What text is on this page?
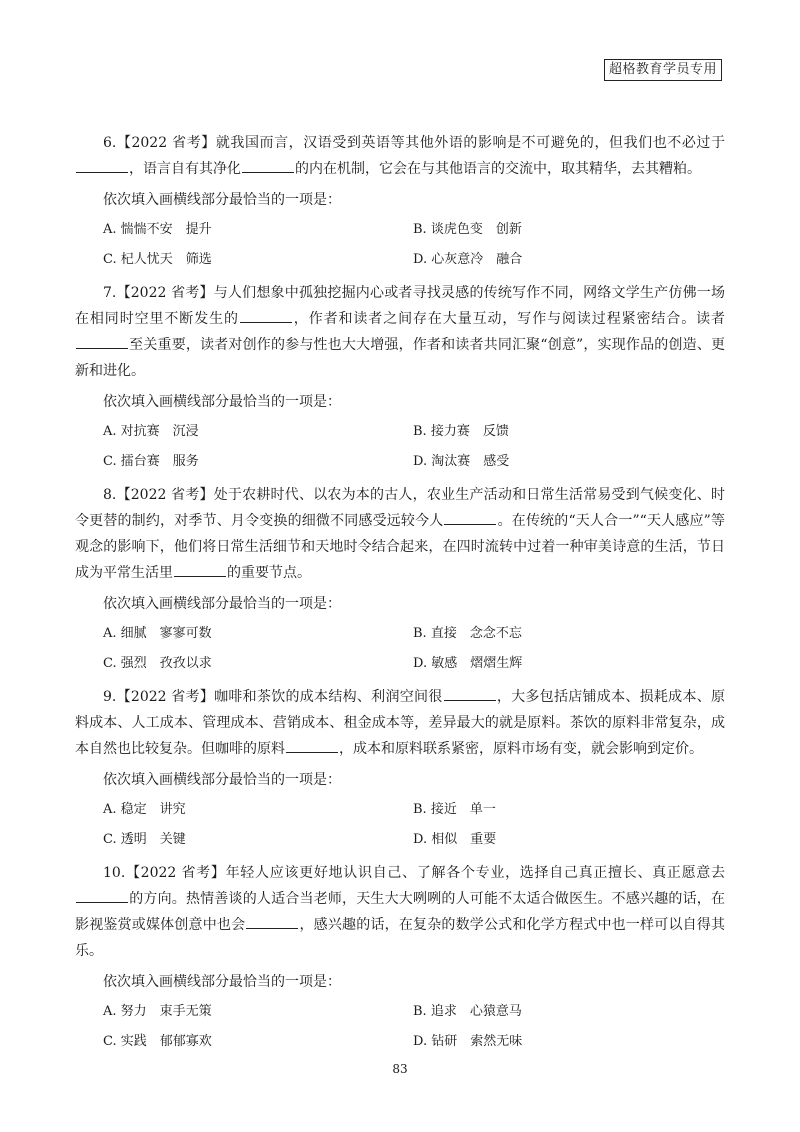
超格教育学员专用

6.【2022 省考】就我国而言，汉语受到英语等其他外语的影响是不可避免的，但我们也不必过于，语言自有其净化	的内在机制，它会在与其他语言的交流中，取其精华，去其糟粕。

依次填入画横线部分最恰当的一项是：

A. 惴惴不安　提升	B. 谈虎色变　创新
C. 杞人忧天　筛选	D. 心灰意冷　融合

7.【2022 省考】与人们想象中孤独挖掘内心或者寻找灵感的传统写作不同，网络文学生产仿佛一场在相同时空里不断发生的	，作者和读者之间存在大量互动，写作与阅读过程紧密结合。读者至关重要，读者对创作的参与性也大大增强，作者和读者共同汇聚“创意”，实现作品的创造、更新和进化。

依次填入画横线部分最恰当的一项是：

A. 对抗赛　沉浸	B. 接力赛　反馈
C. 擂台赛　服务	D. 淘汰赛　感受

8.【2022 省考】处于农耕时代、以农为本的古人，农业生产活动和日常生活常易受到气候变化、时令更替的制约，对季节、月令变换的细微不同感受远较今人	。在传统的“天人合一”“天人感应”等观念的影响下，他们将日常生活细节和天地时令结合起来，在四时流转中过着一种审美诗意的生活，节日成为平常生活里	的重要节点。

依次填入画横线部分最恰当的一项是：

A. 细腻　寥寥可数	B. 直接　念念不忘
C. 强烈　孜孜以求	D. 敏感　熠熠生辉

9.【2022 省考】咖啡和茶饮的成本结构、利润空间很	，大多包括店铺成本、损耗成本、原料成本、人工成本、管理成本、营销成本、租金成本等，差异最大的就是原料。茶饮的原料非常复杂，成本自然也比较复杂。但咖啡的原料	，成本和原料联系紧密，原料市场有变，就会影响到定价。

依次填入画横线部分最恰当的一项是：

A. 稳定　讲究	B. 接近　单一
C. 透明　关键	D. 相似　重要

10.【2022 省考】年轻人应该更好地认识自己、了解各个专业，选择自己真正擅长、真正愿意去的方向。热情善谈的人适合当老师，天生大大咧咧的人可能不太适合做医生。不感兴趣的话，在影视鉴赏或媒体创意中也会	，感兴趣的话，在复杂的数学公式和化学方程式中也一样可以自得其乐。

依次填入画横线部分最恰当的一项是：

A. 努力　束手无策	B. 追求　心猿意马
C. 实践　郁郁寡欢	D. 钻研　索然无味
83
